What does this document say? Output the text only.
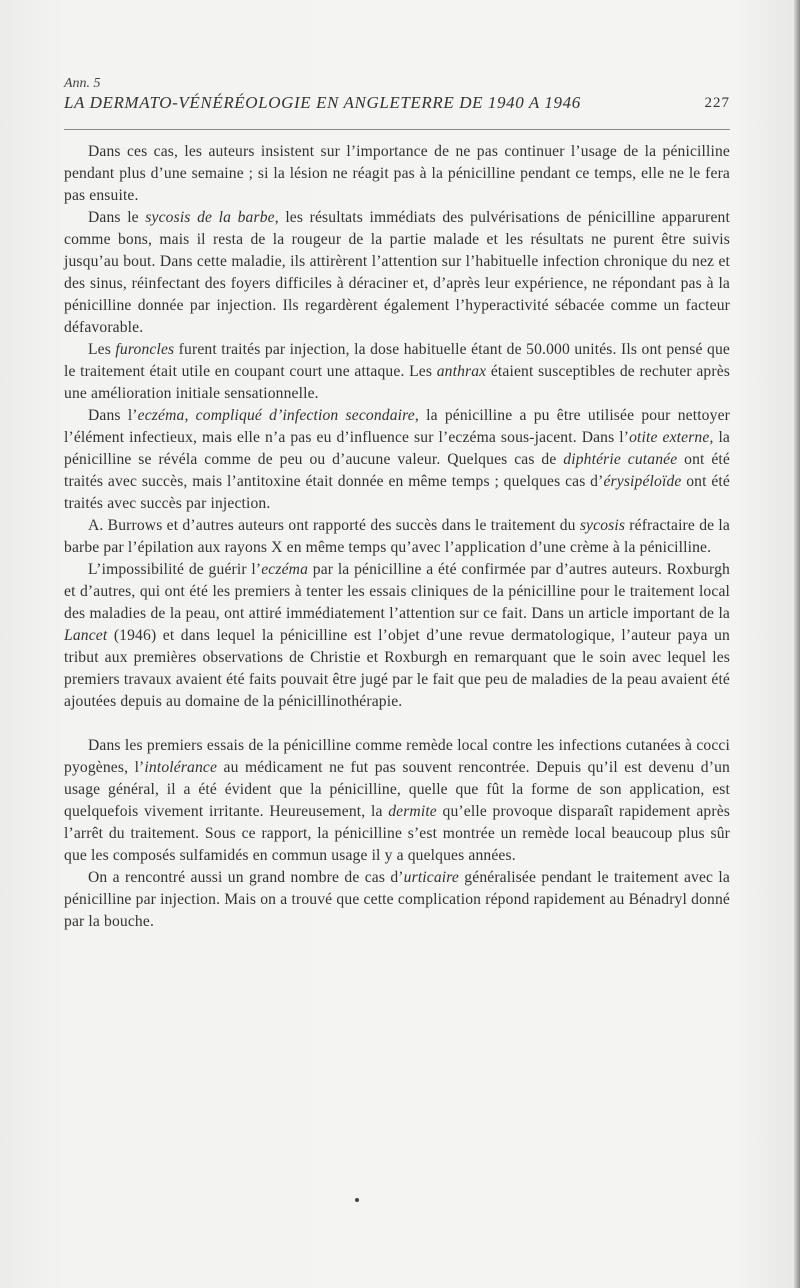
Ann. 5
LA DERMATO-VÉNÉRÉOLOGIE EN ANGLETERRE DE 1940 A 1946	227

Dans ces cas, les auteurs insistent sur l’importance de ne pas continuer l’usage de la pénicilline pendant plus d’une semaine ; si la lésion ne réagit pas à la pénicilline pendant ce temps, elle ne le fera pas ensuite.

Dans le sycosis de la barbe, les résultats immédiats des pulvérisations de pénicilline apparurent comme bons, mais il resta de la rougeur de la partie malade et les résultats ne purent être suivis jusqu’au bout. Dans cette maladie, ils attirèrent l’attention sur l’habituelle infection chronique du nez et des sinus, réinfectant des foyers difficiles à déraciner et, d’après leur expérience, ne répondant pas à la pénicilline donnée par injection. Ils regardèrent également l’hyperactivité sébacée comme un facteur défavorable.

Les furoncles furent traités par injection, la dose habituelle étant de 50.000 unités. Ils ont pensé que le traitement était utile en coupant court une attaque. Les anthrax étaient susceptibles de rechuter après une amélioration initiale sensationnelle.

Dans l’eczéma, compliqué d’infection secondaire, la pénicilline a pu être utilisée pour nettoyer l’élément infectieux, mais elle n’a pas eu d’influence sur l’eczéma sous-jacent. Dans l’otite externe, la pénicilline se révéla comme de peu ou d’aucune valeur. Quelques cas de diphtérie cutanée ont été traités avec succès, mais l’antitoxine était donnée en même temps ; quelques cas d’érysipéloïde ont été traités avec succès par injection.

A. Burrows et d’autres auteurs ont rapporté des succès dans le traitement du sycosis réfractaire de la barbe par l’épilation aux rayons X en même temps qu’avec l’application d’une crème à la pénicilline.

L’impossibilité de guérir l’eczéma par la pénicilline a été confirmée par d’autres auteurs. Roxburgh et d’autres, qui ont été les premiers à tenter les essais cliniques de la pénicilline pour le traitement local des maladies de la peau, ont attiré immédiatement l’attention sur ce fait. Dans un article important de la Lancet (1946) et dans lequel la pénicilline est l’objet d’une revue dermatologique, l’auteur paya un tribut aux premières observations de Christie et Roxburgh en remarquant que le soin avec lequel les premiers travaux avaient été faits pouvait être jugé par le fait que peu de maladies de la peau avaient été ajoutées depuis au domaine de la pénicillinothérapie.

Dans les premiers essais de la pénicilline comme remède local contre les infections cutanées à cocci pyogènes, l’intolérance au médicament ne fut pas souvent rencontrée. Depuis qu’il est devenu d’un usage général, il a été évident que la pénicilline, quelle que fût la forme de son application, est quelquefois vivement irritante. Heureusement, la dermite qu’elle provoque disparaît rapidement après l’arrêt du traitement. Sous ce rapport, la pénicilline s’est montrée un remède local beaucoup plus sûr que les composés sulfamidés en commun usage il y a quelques années.

On a rencontré aussi un grand nombre de cas d’urticaire généralisée pendant le traitement avec la pénicilline par injection. Mais on a trouvé que cette complication répond rapidement au Bénadryl donné par la bouche.
